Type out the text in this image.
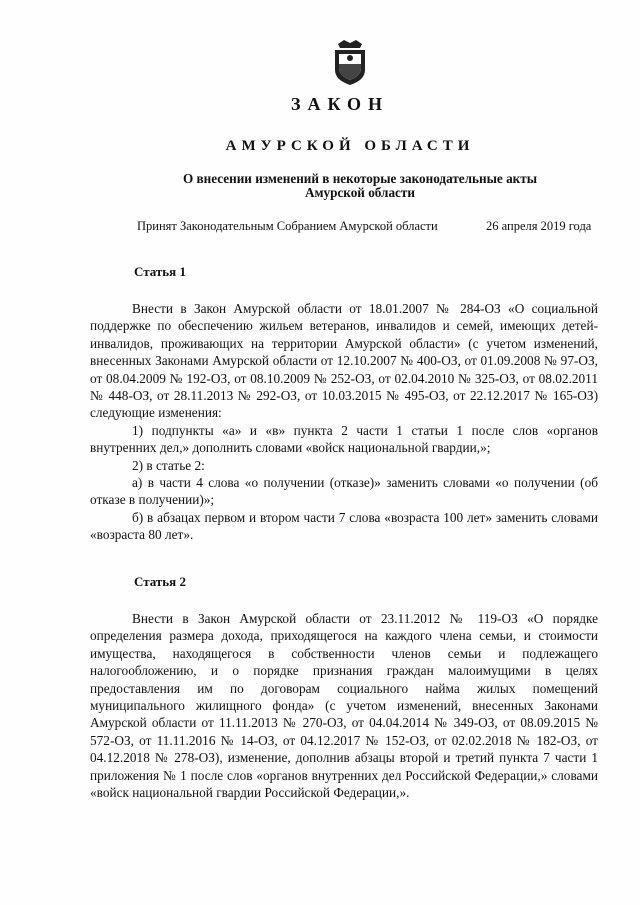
ЗАКОН
АМУРСКОЙ ОБЛАСТИ
О внесении изменений в некоторые законодательные акты
Амурской области
Принят Законодательным Собранием Амурской области	26 апреля 2019 года
Статья 1

Внести в Закон Амурской области от 18.01.2007 № 284-ОЗ «О социальной поддержке по обеспечению жильем ветеранов, инвалидов и семей, имеющих детей-инвалидов, проживающих на территории Амурской области» (с учетом изменений, внесенных Законами Амурской области от 12.10.2007 № 400-ОЗ, от 01.09.2008 № 97-ОЗ, от 08.04.2009 № 192-ОЗ, от 08.10.2009 № 252-ОЗ, от 02.04.2010 № 325-ОЗ, от 08.02.2011 № 448-ОЗ, от 28.11.2013 № 292-ОЗ, от 10.03.2015 № 495-ОЗ, от 22.12.2017 № 165-ОЗ) следующие изменения:

1) подпункты «а» и «в» пункта 2 части 1 статьи 1 после слов «органов внутренних дел,» дополнить словами «войск национальной гвардии,»;

2) в статье 2:

а) в части 4 слова «о получении (отказе)» заменить словами «о получении (об отказе в получении)»;

б) в абзацах первом и втором части 7 слова «возраста 100 лет» заменить словами «возраста 80 лет».

Статья 2

Внести в Закон Амурской области от 23.11.2012 № 119-ОЗ «О порядке определения размера дохода, приходящегося на каждого члена семьи, и стоимости имущества, находящегося в собственности членов семьи и подлежащего налогообложению, и о порядке признания граждан малоимущими в целях предоставления им по договорам социального найма жилых помещений муниципального жилищного фонда» (с учетом изменений, внесенных Законами Амурской области от 11.11.2013 № 270-ОЗ, от 04.04.2014 № 349-ОЗ, от 08.09.2015 № 572-ОЗ, от 11.11.2016 № 14-ОЗ, от 04.12.2017 № 152-ОЗ, от 02.02.2018 № 182-ОЗ, от 04.12.2018 № 278-ОЗ), изменение, дополнив абзацы второй и третий пункта 7 части 1 приложения № 1 после слов «органов внутренних дел Российской Федерации,» словами «войск национальной гвардии Российской Федерации,».
